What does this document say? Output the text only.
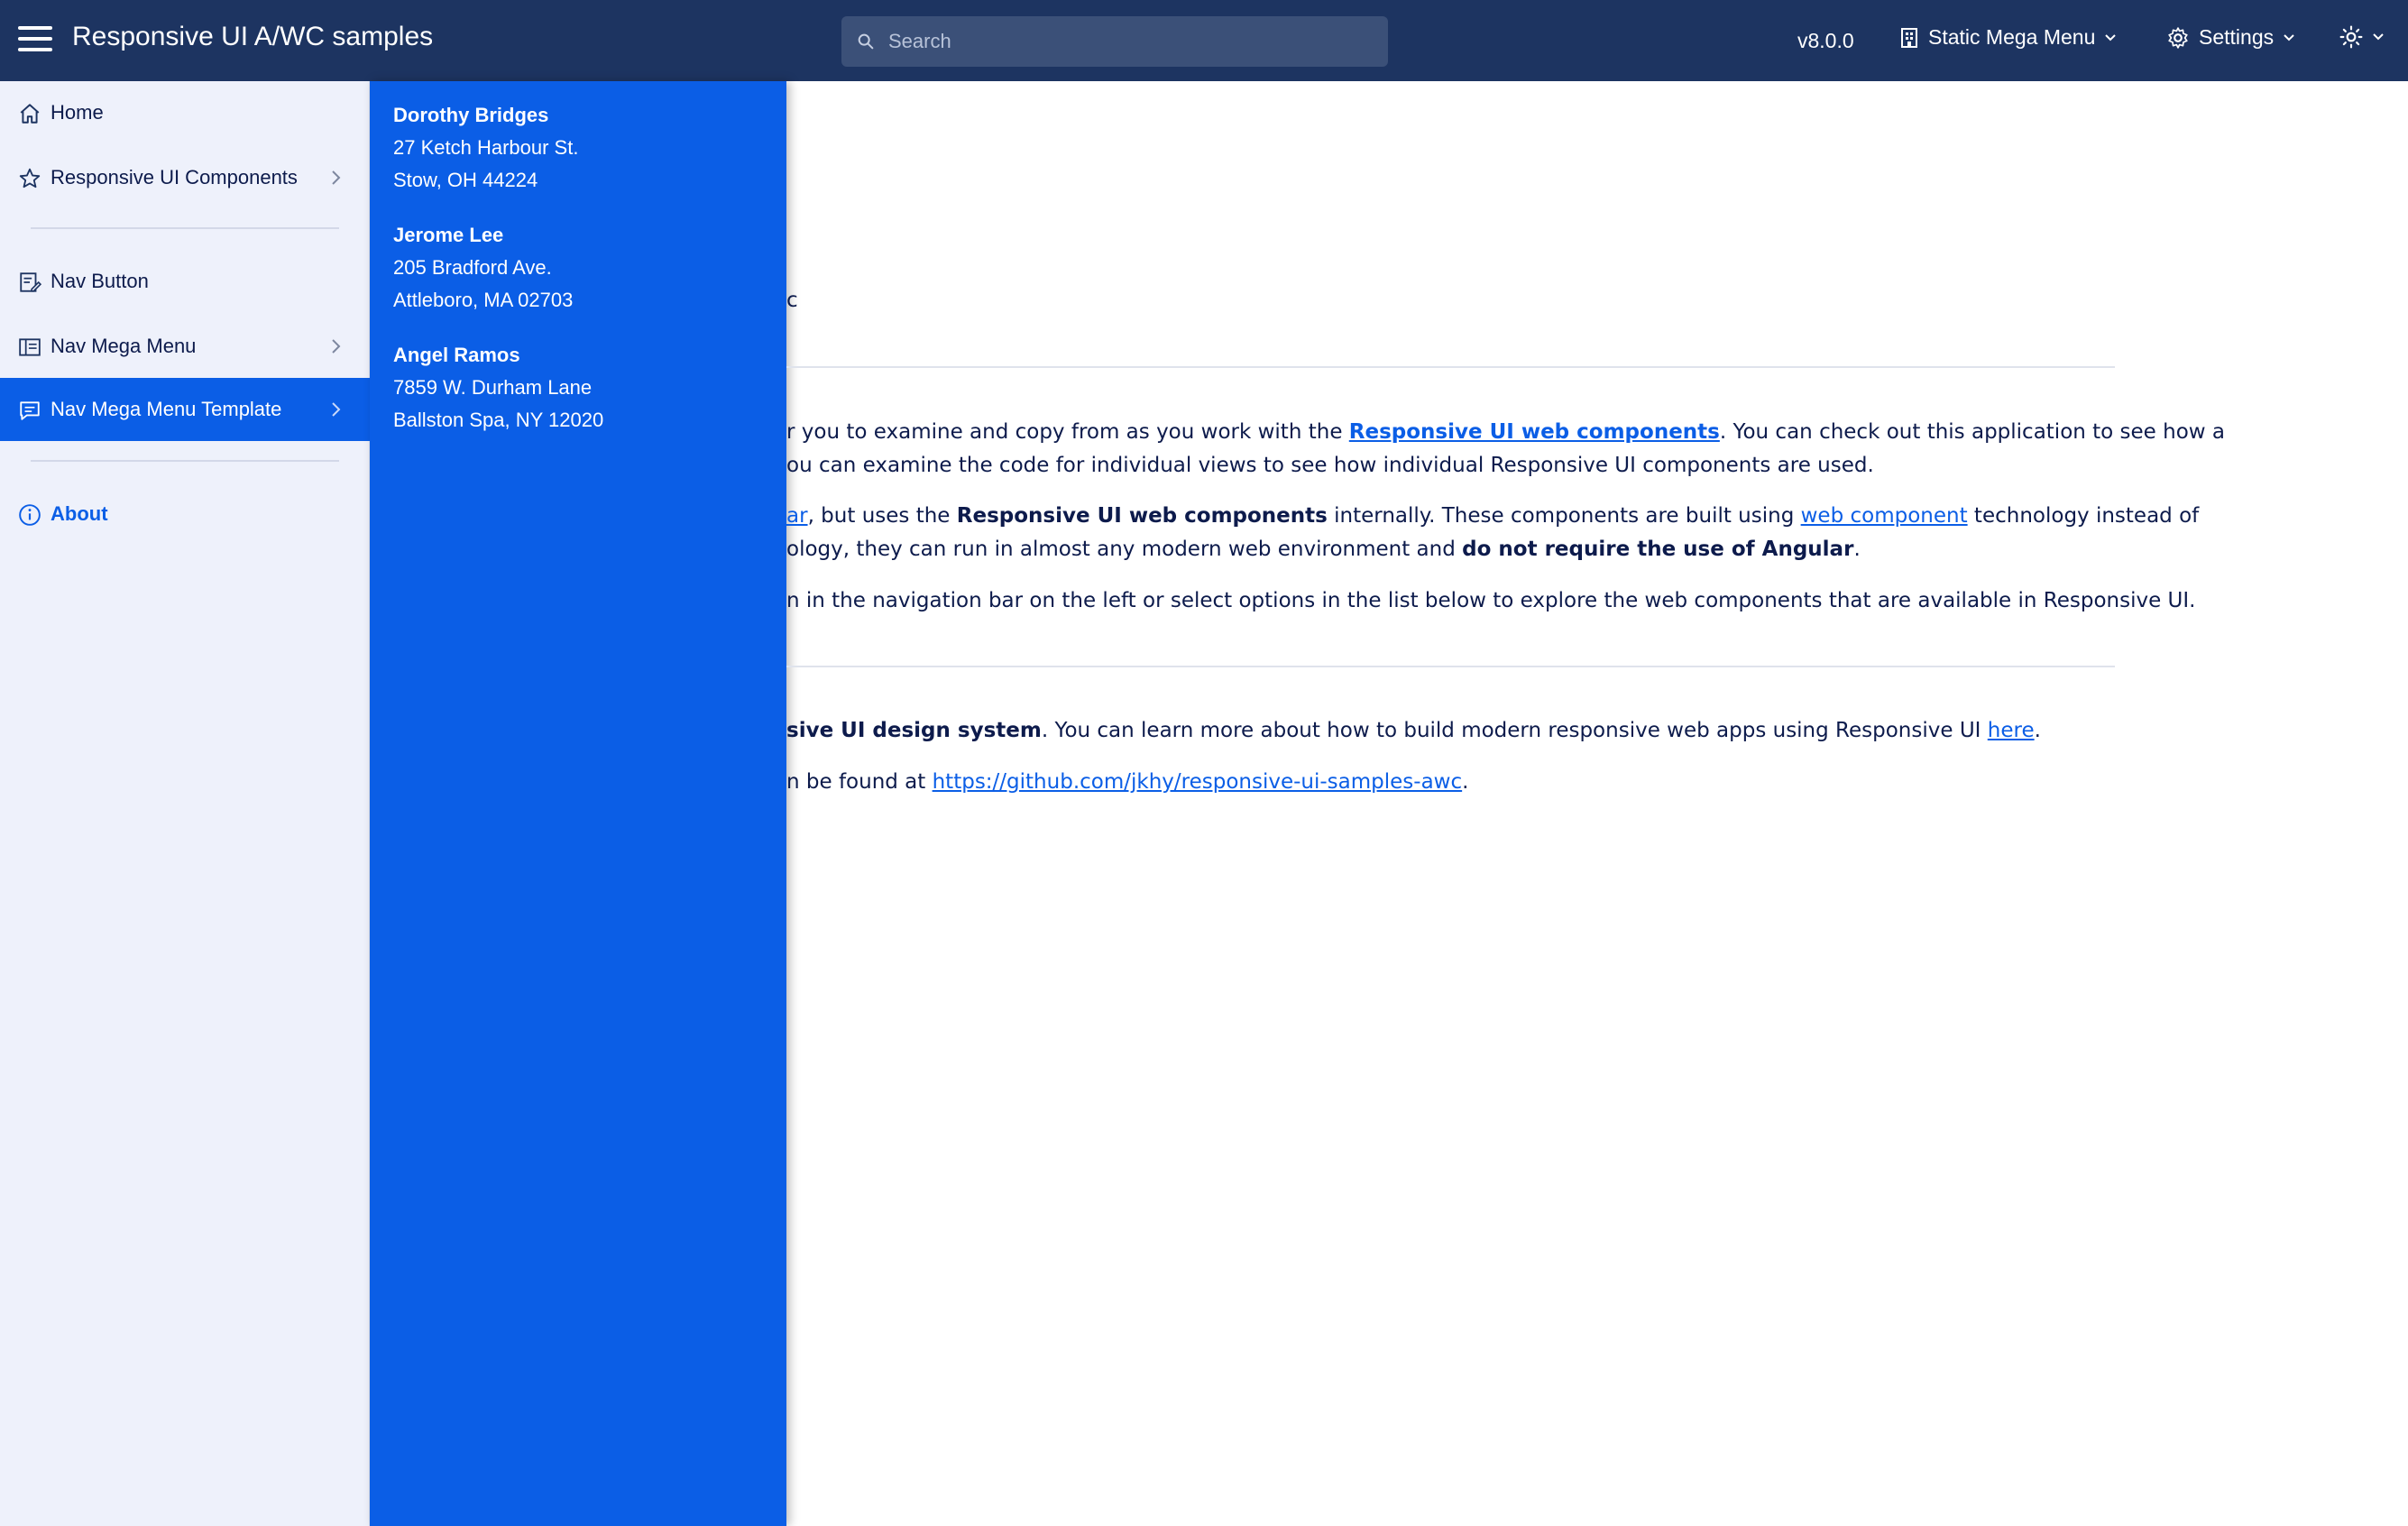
Responsive UI A/WC samples
Search	v8.0.0	Static Mega Menu	Settings
Home
Responsive UI Components
Nav Button
Nav Mega Menu
Nav Mega Menu Template
About
Dorothy Bridges
27 Ketch Harbour St.
Stow, OH 44224
Jerome Lee
205 Bradford Ave.
Attleboro, MA 02703
Angel Ramos
7859 W. Durham Lane
Ballston Spa, NY 12020
c
r you to examine and copy from as you work with the Responsive UI web components. You can check out this application to see how a
ou can examine the code for individual views to see how individual Responsive UI components are used.
ar, but uses the Responsive UI web components internally. These components are built using web component technology instead of
ology, they can run in almost any modern web environment and do not require the use of Angular.
n in the navigation bar on the left or select options in the list below to explore the web components that are available in Responsive UI.
sive UI design system. You can learn more about how to build modern responsive web apps using Responsive UI here.
n be found at https://github.com/jkhy/responsive-ui-samples-awc.
